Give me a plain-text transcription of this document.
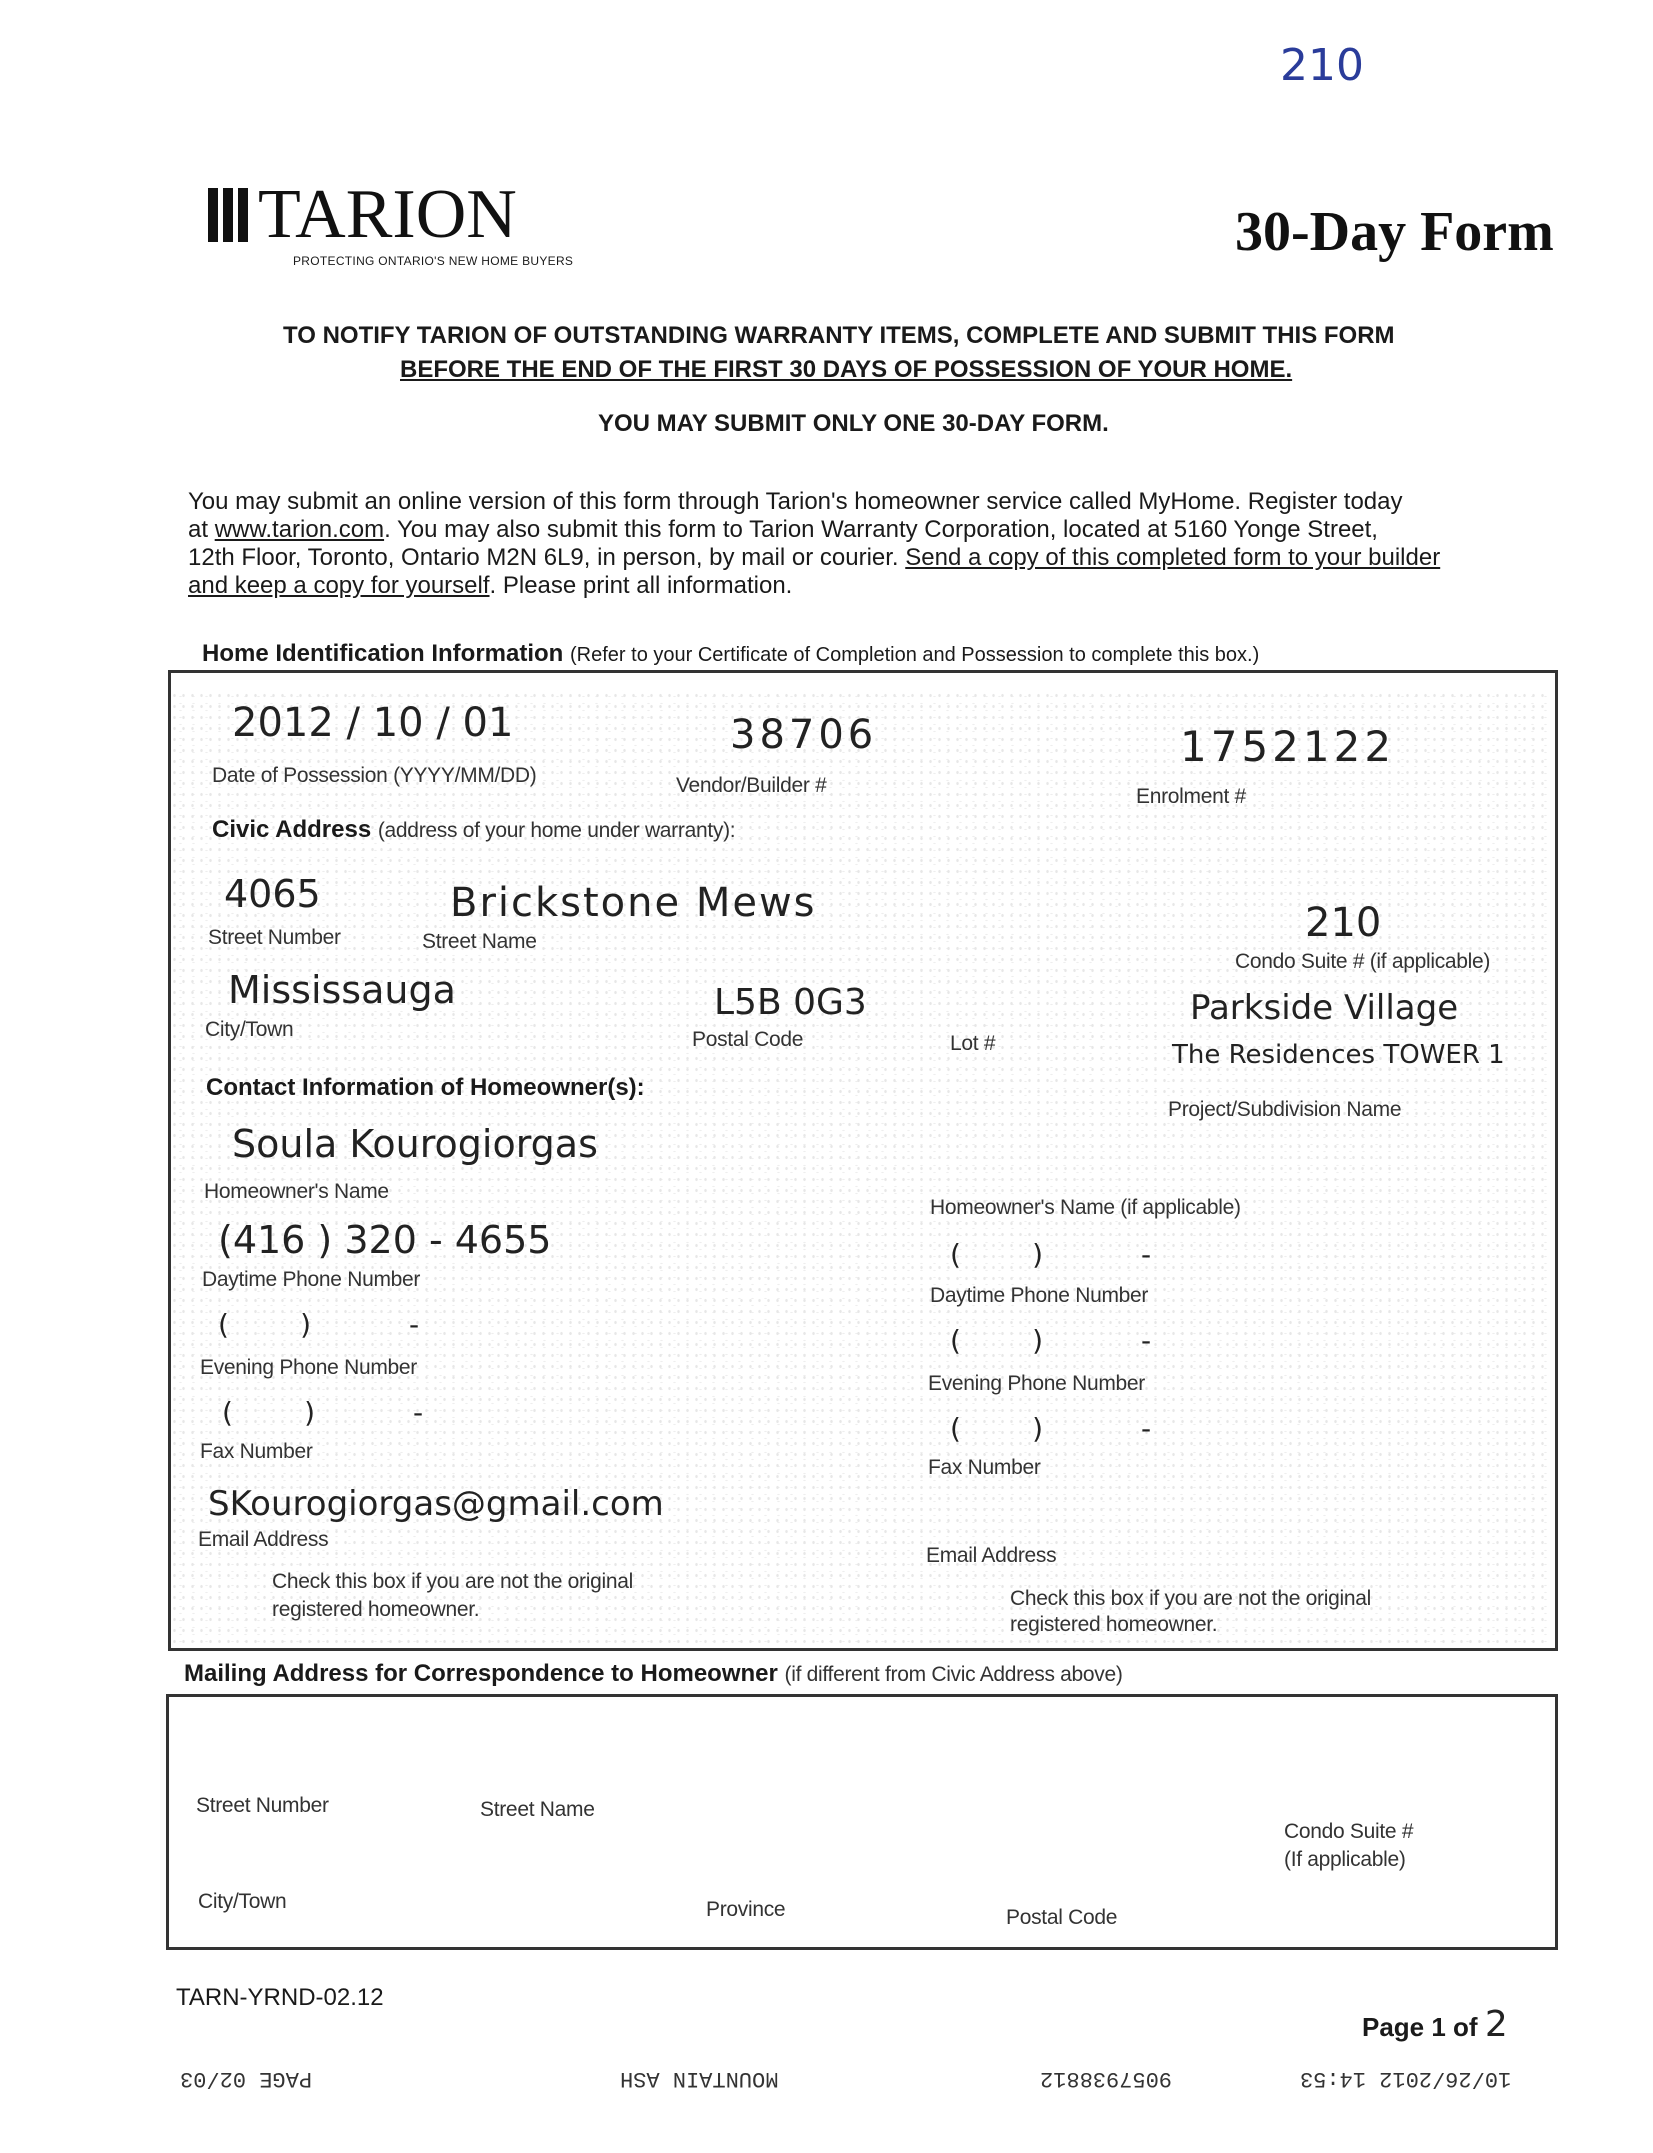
210
TARION
PROTECTING ONTARIO'S NEW HOME BUYERS	30-Day Form
TO NOTIFY TARION OF OUTSTANDING WARRANTY ITEMS, COMPLETE AND SUBMIT THIS FORM
BEFORE THE END OF THE FIRST 30 DAYS OF POSSESSION OF YOUR HOME.
YOU MAY SUBMIT ONLY ONE 30-DAY FORM.
You may submit an online version of this form through Tarion's homeowner service called MyHome. Register today
at www.tarion.com. You may also submit this form to Tarion Warranty Corporation, located at 5160 Yonge Street,
12th Floor, Toronto, Ontario M2N 6L9, in person, by mail or courier. Send a copy of this completed form to your builder
and keep a copy for yourself. Please print all information.
Home Identification Information (Refer to your Certificate of Completion and Possession to complete this box.)
2012 / 10 / 01
Date of Possession (YYYY/MM/DD)
38706
Vendor/Builder #
1752122
Enrolment #
Civic Address (address of your home under warranty):
4065
Street Number
Brickstone Mews
Street Name	210
Condo Suite # (if applicable)
Mississauga
City/Town
L5B 0G3
Postal Code	Lot #
Parkside Village
The Residences TOWER 1
Project/Subdivision Name
Contact Information of Homeowner(s):
Soula Kourogiorgas
Homeowner's Name
(416 ) 320 - 4655
Daytime Phone Number
(        )           -
Evening Phone Number
(        )           -
Fax Number
SKourogiorgas@gmail.com
Email Address
Check this box if you are not the original
registered homeowner.
Homeowner's Name (if applicable)
(        )           -
Daytime Phone Number
(        )           -
Evening Phone Number
(        )           -
Fax Number
Email Address
Check this box if you are not the original
registered homeowner.
Mailing Address for Correspondence to Homeowner (if different from Civic Address above)
Street Number	Street Name
Condo Suite #
(If applicable)
City/Town	Province	Postal Code
TARN-YRND-02.12
Page 1 of 2
PAGE 02/03	MOUNTAIN ASH	9057938812	10/26/2012 14:53
